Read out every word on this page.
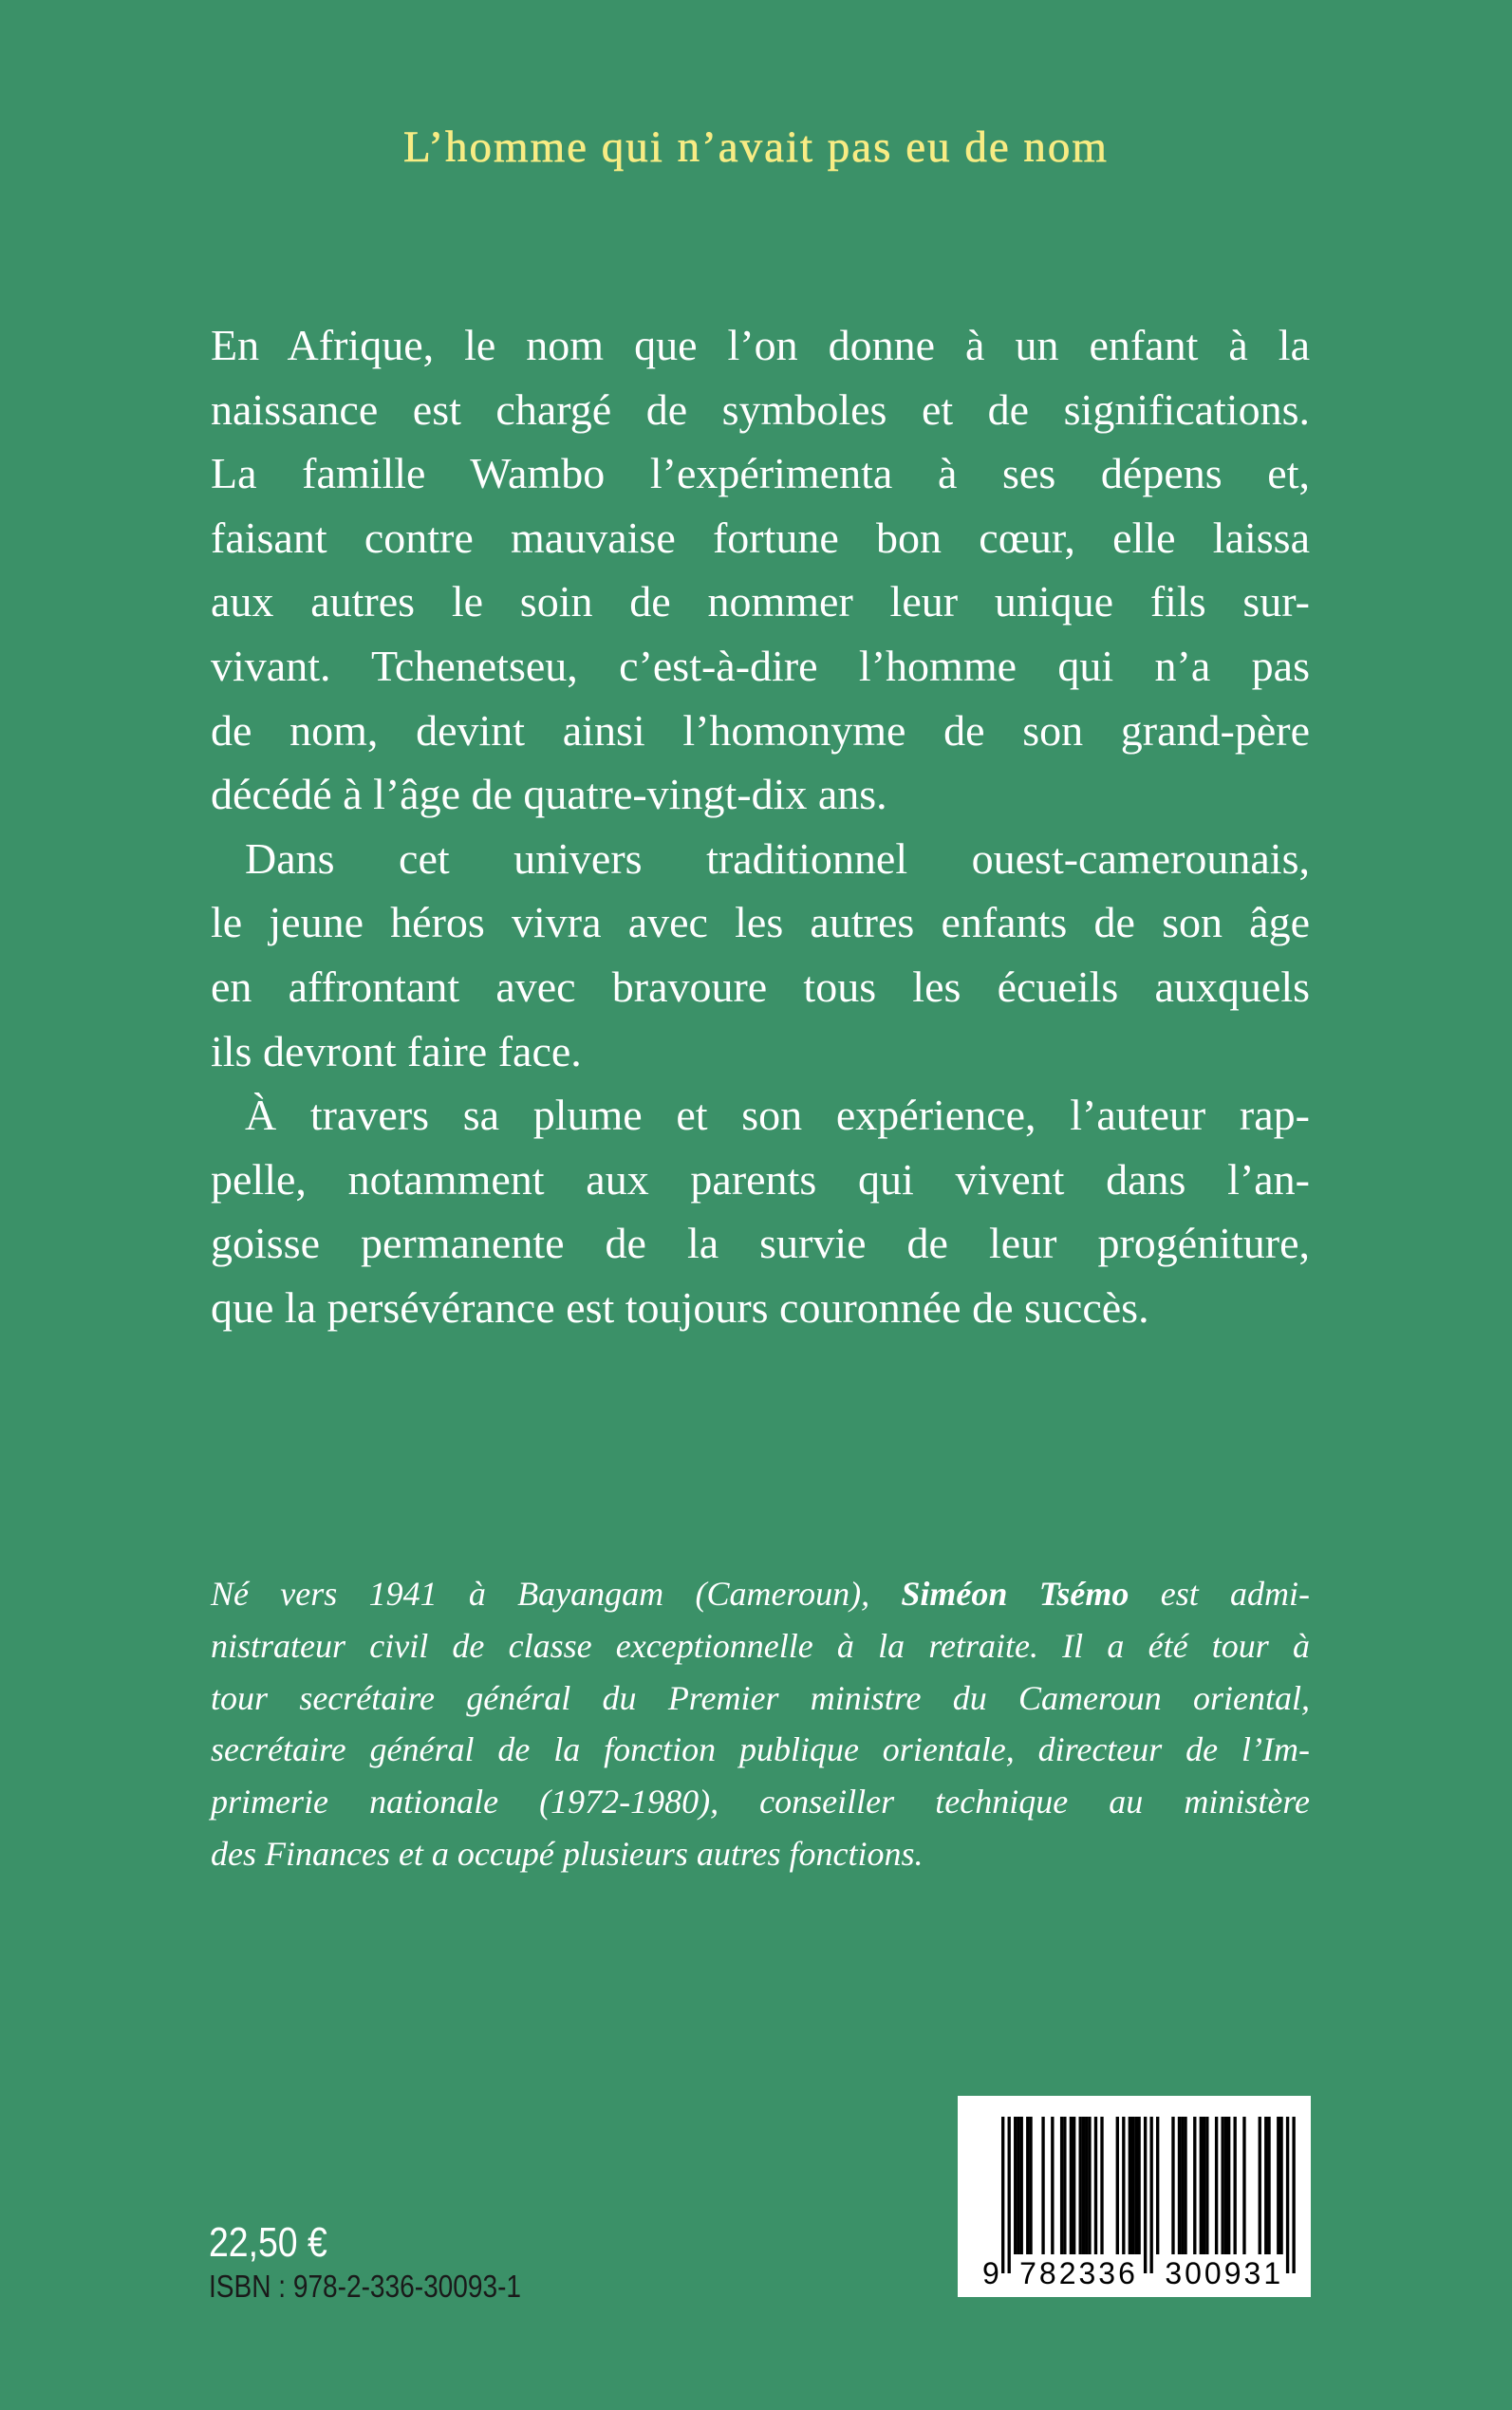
L’homme qui n’avait pas eu de nom
En Afrique, le nom que l’on donne à un enfant à la
naissance est chargé de symboles et de significations.
La famille Wambo l’expérimenta à ses dépens et,
faisant contre mauvaise fortune bon cœur, elle laissa
aux autres le soin de nommer leur unique fils sur-
vivant. Tchenetseu, c’est-à-dire l’homme qui n’a pas
de nom, devint ainsi l’homonyme de son grand-père
décédé à l’âge de quatre-vingt-dix ans.
Dans cet univers traditionnel ouest-camerounais,
le jeune héros vivra avec les autres enfants de son âge
en affrontant avec bravoure tous les écueils auxquels
ils devront faire face.
À travers sa plume et son expérience, l’auteur rap-
pelle, notamment aux parents qui vivent dans l’an-
goisse permanente de la survie de leur progéniture,
que la persévérance est toujours couronnée de succès.
Né vers 1941 à Bayangam (Cameroun), Siméon Tsémo est admi-
nistrateur civil de classe exceptionnelle à la retraite. Il a été tour à
tour secrétaire général du Premier ministre du Cameroun oriental,
secrétaire général de la fonction publique orientale, directeur de l’Im-
primerie nationale (1972-1980), conseiller technique au ministère
des Finances et a occupé plusieurs autres fonctions.
22,50 €
ISBN : 978-2-336-30093-1	9 782336 300931
